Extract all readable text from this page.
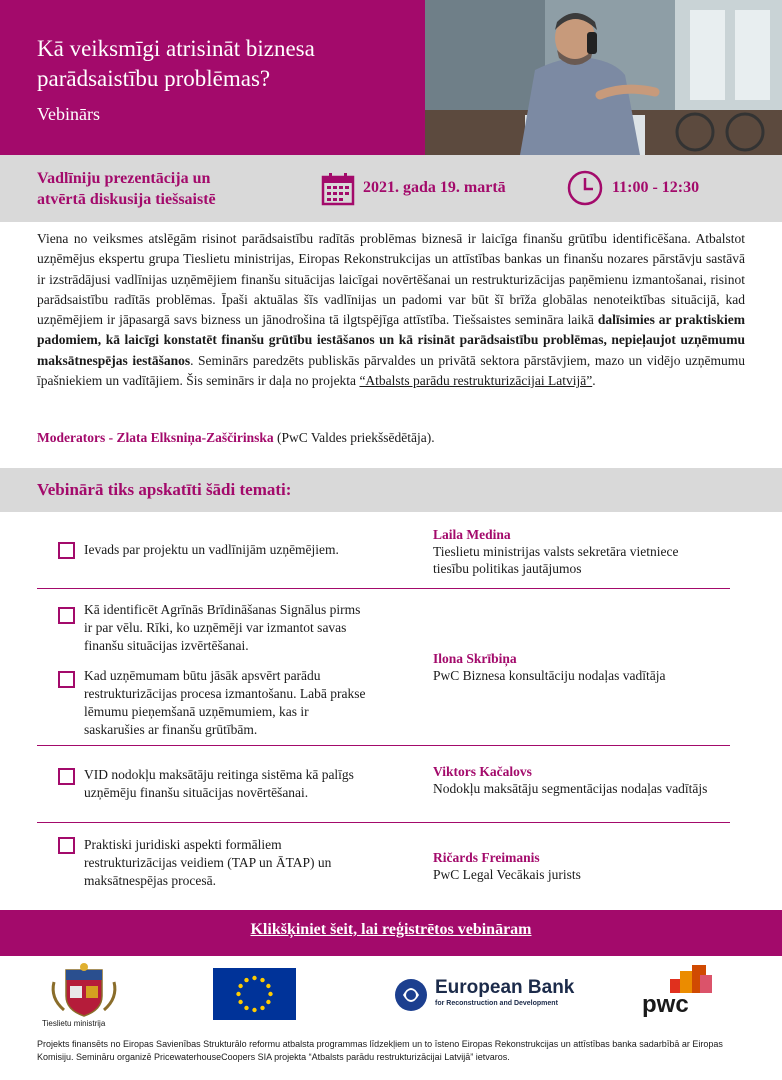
Kā veiksmīgi atrisināt biznesa parādsaistību problēmas?
Vebinārs
Vadlīniju prezentācija un
atvērtā diskusija tiešsaistē
2021. gada 19. martā	11:00 - 12:30
Viena no veiksmes atslēgām risinot parādsaistību radītās problēmas biznesā ir laicīga finanšu grūtību identificēšana. Atbalstot uzņēmējus ekspertu grupa Tieslietu ministrijas, Eiropas Rekonstrukcijas un attīstības bankas un finanšu nozares pārstāvju sastāvā ir izstrādājusi vadlīnijas uzņēmējiem finanšu situācijas laicīgai novērtēšanai un restrukturizācijas paņēmienu izmantošanai, risinot parādsaistību radītās problēmas. Īpaši aktuālas šīs vadlīnijas un padomi var būt šī brīža globālas nenoteiktības situācijā, kad uzņēmējiem ir jāpasargā savs bizness un jānodrošina tā ilgtspējīga attīstība. Tiešsaistes semināra laikā dalīsimies ar praktiskiem padomiem, kā laicīgi konstatēt finanšu grūtību iestāšanos un kā risināt parādsaistību problēmas, nepieļaujot uzņēmumu maksātnespējas iestāšanos. Seminārs paredzēts publiskās pārvaldes un privātā sektora pārstāvjiem, mazo un vidējo uzņēmumu īpašniekiem un vadītājiem. Šis seminārs ir daļa no projekta “Atbalsts parādu restrukturizācijai Latvijā”.
Moderators - Zlata Elksniņa-Zaščirinska (PwC Valdes priekšsēdētāja).
Vebinārā tiks apskatīti šādi temati:
Ievads par projektu un vadlīnijām uzņēmējiem.
Laila Medina
Tieslietu ministrijas valsts sekretāra vietniece
tiesību politikas jautājumos
Kā identificēt Agrīnās Brīdināšanas Signālus pirms
ir par vēlu. Rīki, ko uzņēmēji var izmantot savas
finanšu situācijas izvērtēšanai.
Kad uzņēmumam būtu jāsāk apsvērt parādu
restrukturizācijas procesa izmantošanu. Labā prakse
lēmumu pieņemšanā uzņēmumiem, kas ir
saskarušies ar finanšu grūtībām.
Ilona Skrībiņa
PwC Biznesa konsultāciju nodaļas vadītāja
VID nodokļu maksātāju reitinga sistēma kā palīgs
uzņēmēju finanšu situācijas novērtēšanai.
Viktors Kačalovs
Nodokļu maksātāju segmentācijas nodaļas vadītājs
Praktiski juridiski aspekti formāliem
restrukturizācijas veidiem (TAP un ĀTAP) un
maksātnespējas procesā.
Ričards Freimanis
PwC Legal Vecākais jurists
Klikšķiniet šeit, lai reģistrētos vebināram
Tieslietu ministrija
European Bank
for Reconstruction and Development	pwc
Projekts finansēts no Eiropas Savienības Strukturālo reformu atbalsta programmas līdzekļiem un to īsteno Eiropas Rekonstrukcijas un attīstības banka sadarbībā ar Eiropas Komisiju. Semināru organizē PricewaterhouseCoopers SIA projekta “Atbalsts parādu restrukturizācijai Latvijā” ietvaros.
